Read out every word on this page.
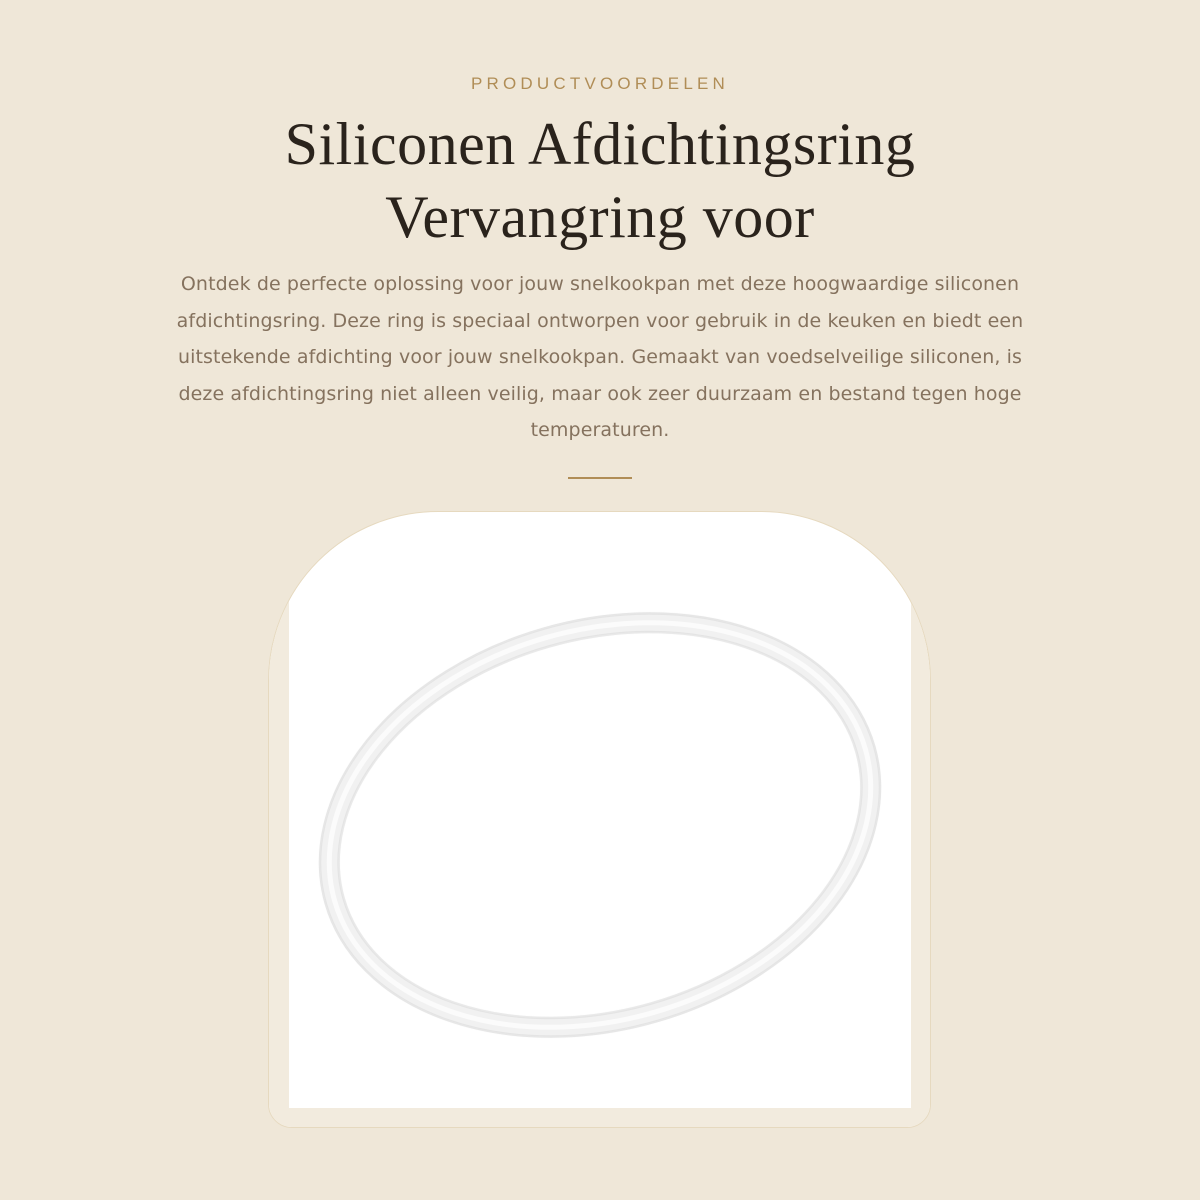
PRODUCTVOORDELEN
Siliconen Afdichtingsring
Vervangring voor

Ontdek de perfecte oplossing voor jouw snelkookpan met deze hoogwaardige siliconen afdichtingsring. Deze ring is speciaal ontworpen voor gebruik in de keuken en biedt een uitstekende afdichting voor jouw snelkookpan. Gemaakt van voedselveilige siliconen, is deze afdichtingsring niet alleen veilig, maar ook zeer duurzaam en bestand tegen hoge temperaturen.
